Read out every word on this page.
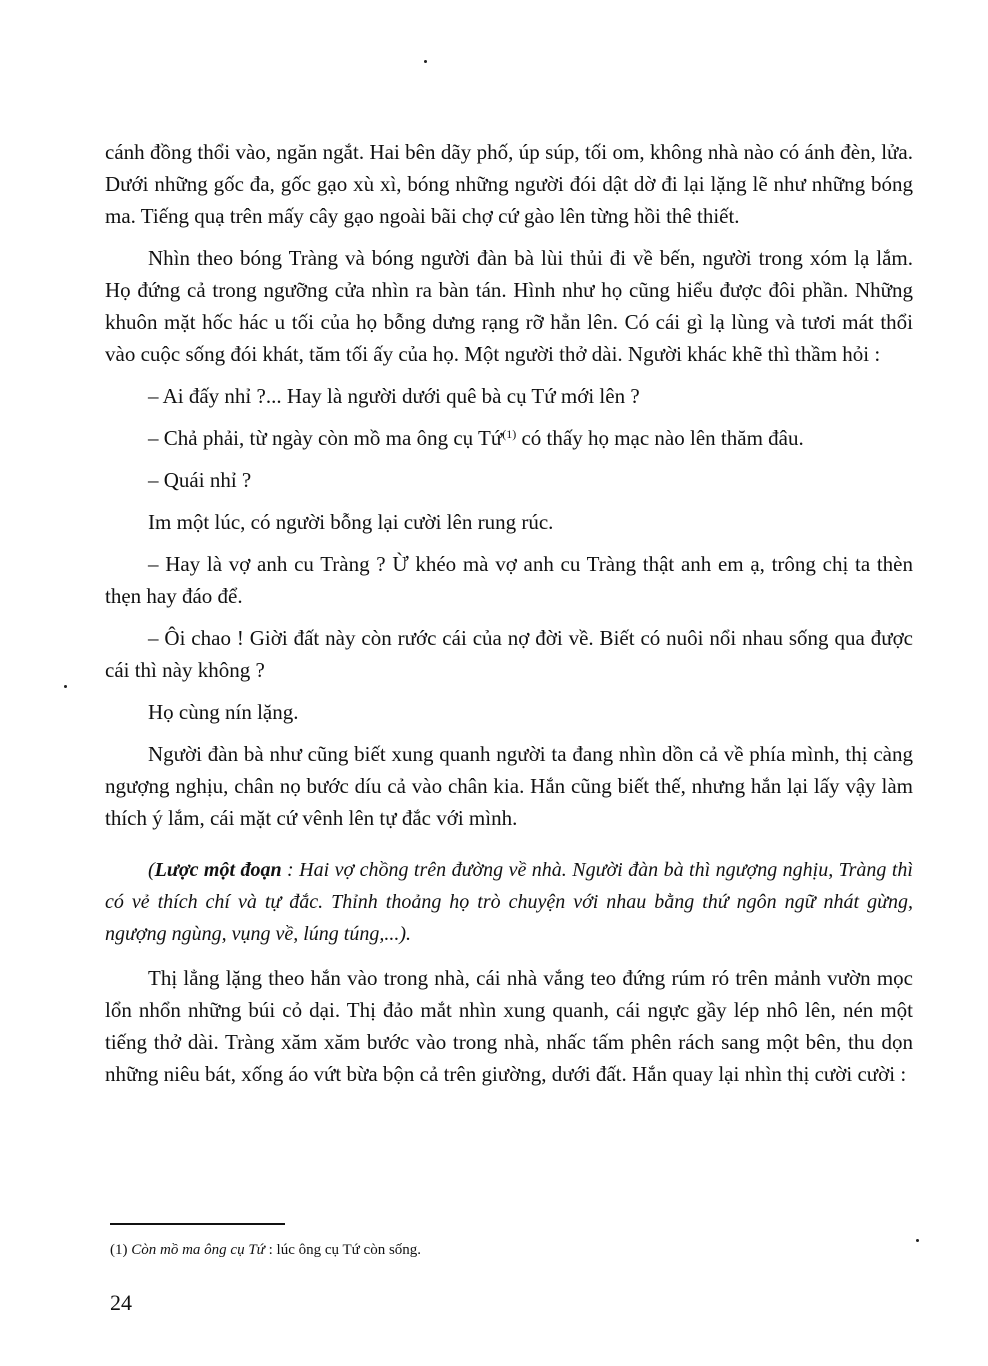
cánh đồng thổi vào, ngăn ngắt. Hai bên dãy phố, úp súp, tối om, không nhà nào có ánh đèn, lửa. Dưới những gốc đa, gốc gạo xù xì, bóng những người đói dật dờ đi lại lặng lẽ như những bóng ma. Tiếng quạ trên mấy cây gạo ngoài bãi chợ cứ gào lên từng hồi thê thiết.

Nhìn theo bóng Tràng và bóng người đàn bà lùi thủi đi về bến, người trong xóm lạ lắm. Họ đứng cả trong ngưỡng cửa nhìn ra bàn tán. Hình như họ cũng hiểu được đôi phần. Những khuôn mặt hốc hác u tối của họ bỗng dưng rạng rỡ hẳn lên. Có cái gì lạ lùng và tươi mát thổi vào cuộc sống đói khát, tăm tối ấy của họ. Một người thở dài. Người khác khẽ thì thầm hỏi :

– Ai đấy nhỉ ?... Hay là người dưới quê bà cụ Tứ mới lên ?

– Chả phải, từ ngày còn mồ ma ông cụ Tứ$^{(1)}$ có thấy họ mạc nào lên thăm đâu.

– Quái nhỉ ?

Im một lúc, có người bỗng lại cười lên rung rúc.

– Hay là vợ anh cu Tràng ? Ừ khéo mà vợ anh cu Tràng thật anh em ạ, trông chị ta thèn thẹn hay đáo để.

– Ôi chao ! Giời đất này còn rước cái của nợ đời về. Biết có nuôi nổi nhau sống qua được cái thì này không ?

Họ cùng nín lặng.

Người đàn bà như cũng biết xung quanh người ta đang nhìn dồn cả về phía mình, thị càng ngượng nghịu, chân nọ bước díu cả vào chân kia. Hắn cũng biết thế, nhưng hắn lại lấy vậy làm thích ý lắm, cái mặt cứ vênh lên tự đắc với mình.

(Lược một đoạn : Hai vợ chồng trên đường về nhà. Người đàn bà thì ngượng nghịu, Tràng thì có vẻ thích chí và tự đắc. Thỉnh thoảng họ trò chuyện với nhau bằng thứ ngôn ngữ nhát gừng, ngượng ngùng, vụng về, lúng túng,...).

Thị lẳng lặng theo hắn vào trong nhà, cái nhà vắng teo đứng rúm ró trên mảnh vườn mọc lổn nhổn những búi cỏ dại. Thị đảo mắt nhìn xung quanh, cái ngực gầy lép nhô lên, nén một tiếng thở dài. Tràng xăm xăm bước vào trong nhà, nhấc tấm phên rách sang một bên, thu dọn những niêu bát, xống áo vứt bừa bộn cả trên giường, dưới đất. Hắn quay lại nhìn thị cười cười :

(1) Còn mồ ma ông cụ Tứ : lúc ông cụ Tứ còn sống.
24
